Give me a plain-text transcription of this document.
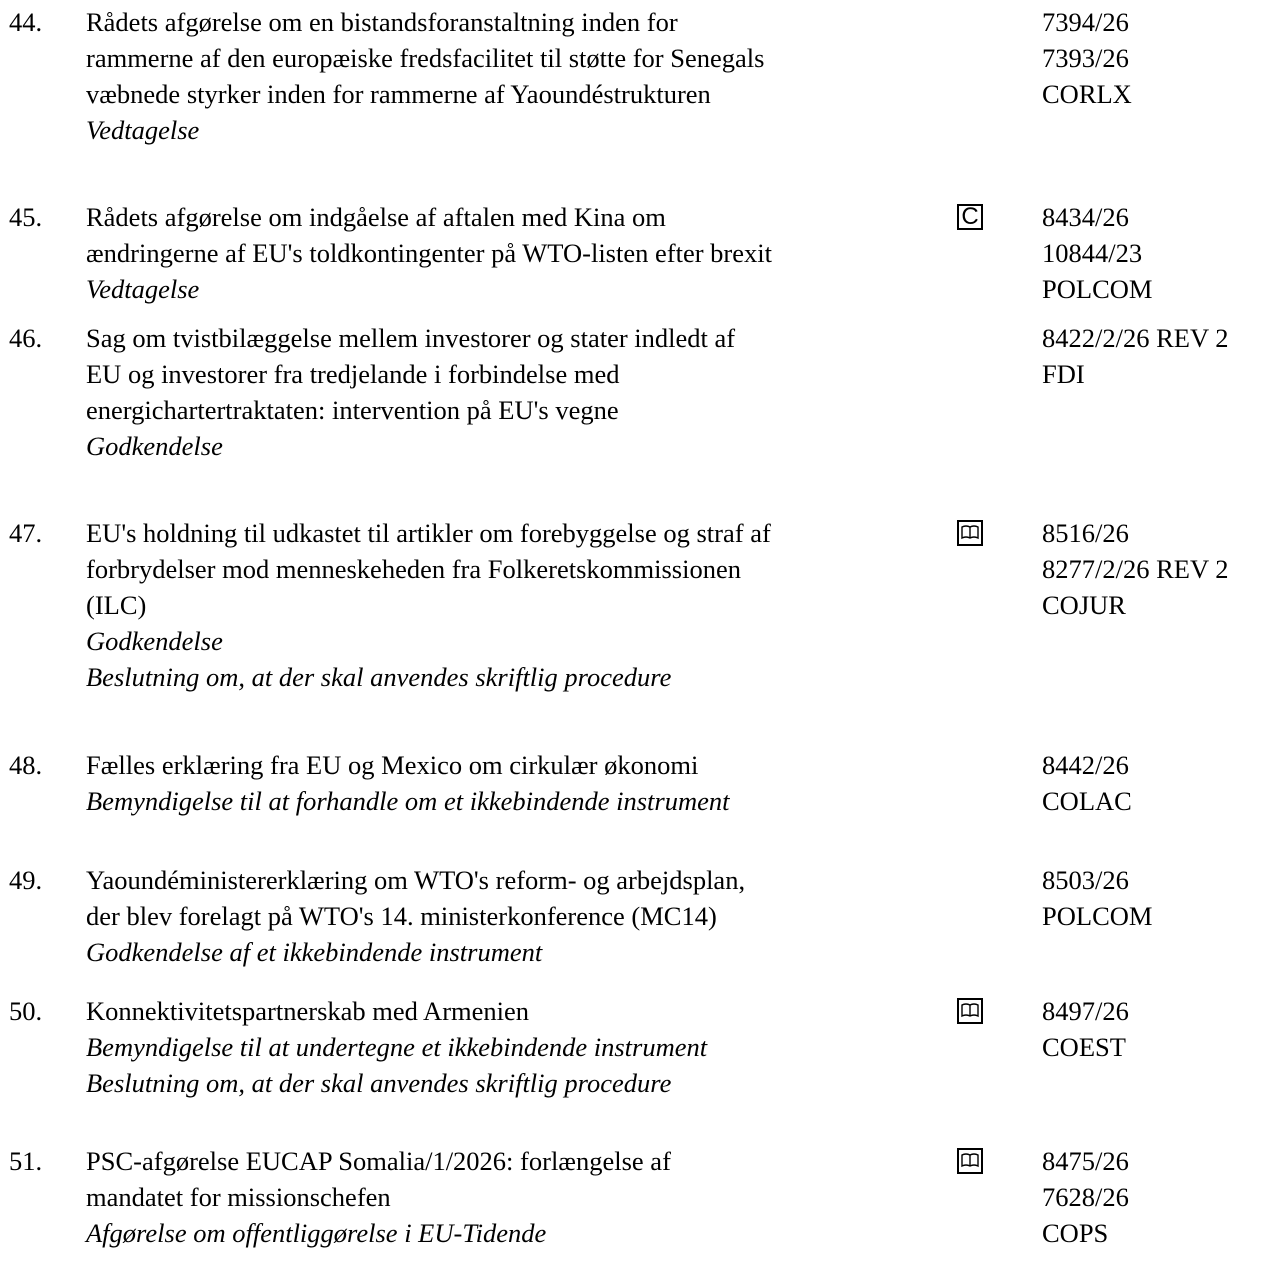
44. Rådets afgørelse om en bistandsforanstaltning inden for
rammerne af den europæiske fredsfacilitet til støtte for Senegals
væbnede styrker inden for rammerne af Yaoundéstrukturen
Vedtagelse
7394/26
7393/26
CORLX
45. Rådets afgørelse om indgåelse af aftalen med Kina om
ændringerne af EU's toldkontingenter på WTO-listen efter brexit
Vedtagelse
C 8434/26
10844/23
POLCOM
46. Sag om tvistbilæggelse mellem investorer og stater indledt af
EU og investorer fra tredjelande i forbindelse med
energichartertraktaten: intervention på EU's vegne
Godkendelse
8422/2/26 REV 2
FDI
47. EU's holdning til udkastet til artikler om forebyggelse og straf af
forbrydelser mod menneskeheden fra Folkeretskommissionen
(ILC)
Godkendelse
Beslutning om, at der skal anvendes skriftlig procedure
8516/26
8277/2/26 REV 2
COJUR
48. Fælles erklæring fra EU og Mexico om cirkulær økonomi
Bemyndigelse til at forhandle om et ikkebindende instrument
8442/26
COLAC
49. Yaoundéministererklæring om WTO's reform- og arbejdsplan,
der blev forelagt på WTO's 14. ministerkonference (MC14)
Godkendelse af et ikkebindende instrument
8503/26
POLCOM
50. Konnektivitetspartnerskab med Armenien
Bemyndigelse til at undertegne et ikkebindende instrument
Beslutning om, at der skal anvendes skriftlig procedure
8497/26
COEST
51. PSC-afgørelse EUCAP Somalia/1/2026: forlængelse af
mandatet for missionschefen
Afgørelse om offentliggørelse i EU-Tidende
8475/26
7628/26
COPS
